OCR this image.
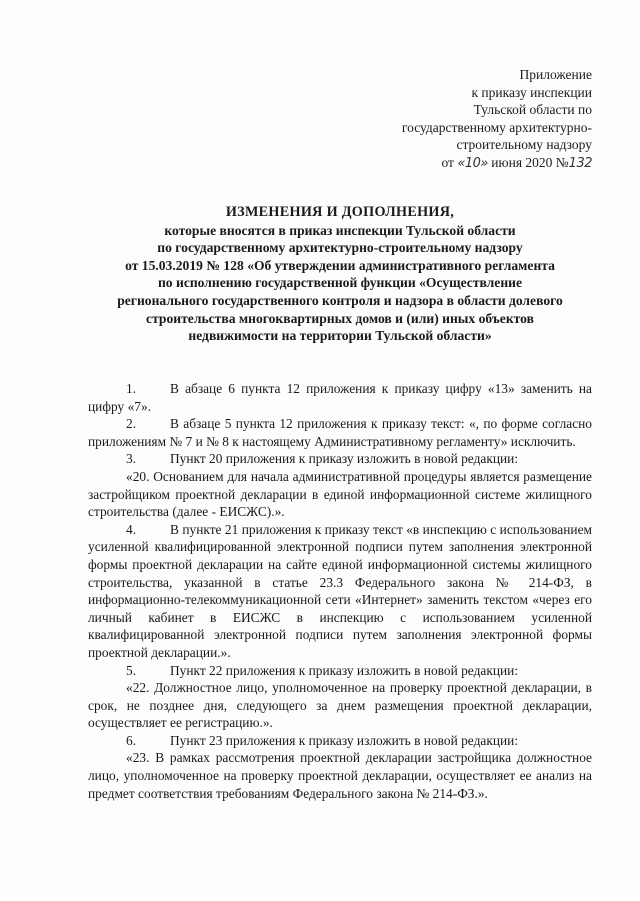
Приложение
к приказу инспекции
Тульской области по
государственному архитектурно-
строительному надзору
от «10» июня 2020 №132
ИЗМЕНЕНИЯ И ДОПОЛНЕНИЯ,
которые вносятся в приказ инспекции Тульской области
по государственному архитектурно-строительному надзору
от 15.03.2019 № 128 «Об утверждении административного регламента
по исполнению государственной функции «Осуществление
регионального государственного контроля и надзора в области долевого
строительства многоквартирных домов и (или) иных объектов
недвижимости на территории Тульской области»

1.	В абзаце 6 пункта 12 приложения к приказу цифру «13» заменить на цифру «7».

2.	В абзаце 5 пункта 12 приложения к приказу текст: «, по форме согласно приложениям № 7 и № 8 к настоящему Административному регламенту» исключить.

3.	Пункт 20 приложения к приказу изложить в новой редакции:

«20. Основанием для начала административной процедуры является размещение застройщиком проектной декларации в единой информационной системе жилищного строительства (далее - ЕИСЖС).».

4.	В пункте 21 приложения к приказу текст «в инспекцию с использованием усиленной квалифицированной электронной подписи путем заполнения электронной формы проектной декларации на сайте единой информационной системы жилищного строительства, указанной в статье 23.3 Федерального закона № 214-ФЗ, в информационно-телекоммуникационной сети «Интернет» заменить текстом «через его личный кабинет в ЕИСЖС в инспекцию с использованием усиленной квалифицированной электронной подписи путем заполнения электронной формы проектной декларации.».

5.	Пункт 22 приложения к приказу изложить в новой редакции:

«22. Должностное лицо, уполномоченное на проверку проектной декларации, в срок, не позднее дня, следующего за днем размещения проектной декларации, осуществляет ее регистрацию.».

6.	Пункт 23 приложения к приказу изложить в новой редакции:

«23. В рамках рассмотрения проектной декларации застройщика должностное лицо, уполномоченное на проверку проектной декларации, осуществляет ее анализ на предмет соответствия требованиям Федерального закона № 214-ФЗ.».
